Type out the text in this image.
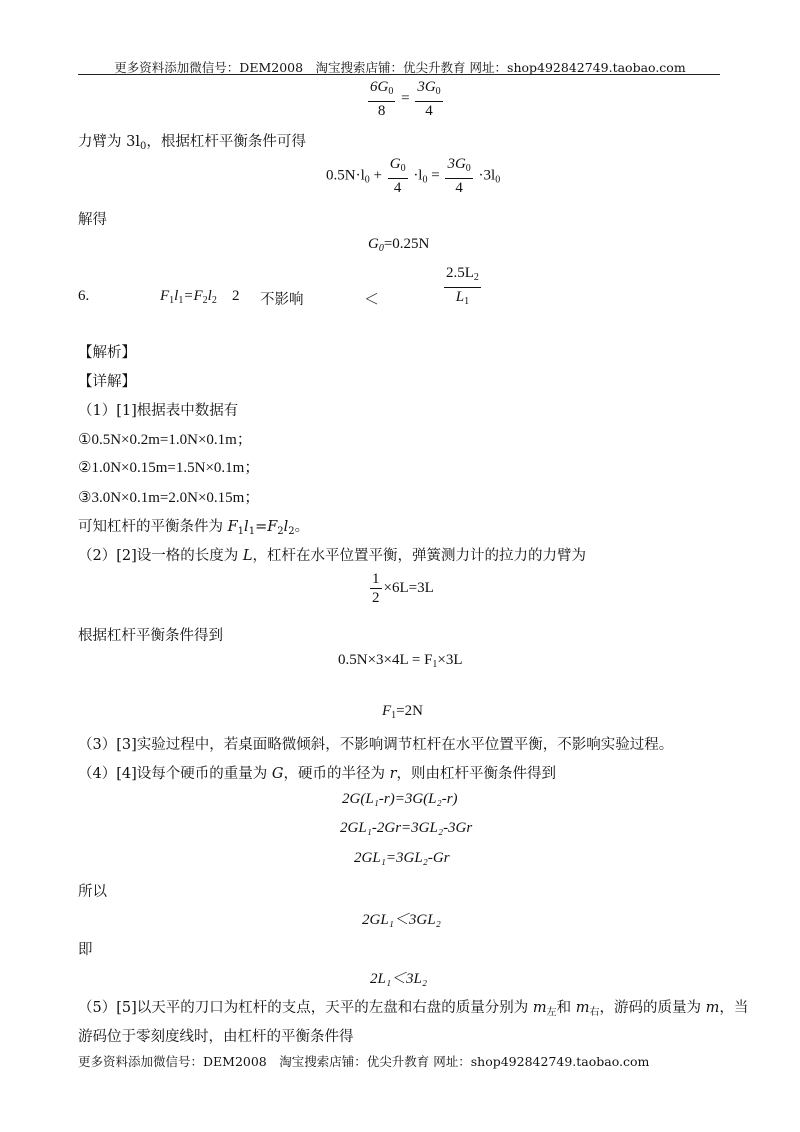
更多资料添加微信号：DEM2008　淘宝搜索店铺：优尖升教育 网址：shop492842749.taobao.com
$\frac{6G_0}{8} = \frac{3G_0}{4}$
力臂为 $3l_0$，根据杠杆平衡条件可得
$0.5N\cdot l_0 + \frac{G_0}{4} \cdot l_0 = \frac{3G_0}{4} \cdot 3l_0$
解得
$G_0=0.25N$
6.	$F_1l_1=F_2l_2$ 2 不影响	＜	$\frac{2.5L_2}{L_1}$
【解析】
【详解】
（1）[1]根据表中数据有
①0.5N×0.2m=1.0N×0.1m；
②1.0N×0.15m=1.5N×0.1m；
③3.0N×0.1m=2.0N×0.15m；
可知杠杆的平衡条件为 $F_1l_1=F_2l_2$。
（2）[2]设一格的长度为 L，杠杆在水平位置平衡，弹簧测力计的拉力的力臂为
$\frac{1}{2} \times 6L=3L$
根据杠杆平衡条件得到
$0.5N\times 3\times 4L = F_1\times 3L$
$F_1=2N$
（3）[3]实验过程中，若桌面略微倾斜，不影响调节杠杆在水平位置平衡，不影响实验过程。
（4）[4]设每个硬币的重量为 G，硬币的半径为 r，则由杠杆平衡条件得到
2G(L₁-r)=3G(L₂-r)
2GL₁-2Gr=3GL₂-3Gr
2GL₁=3GL₂-Gr
所以
2GL₁＜3GL₂
即
2L₁＜3L₂
（5）[5]以天平的刀口为杠杆的支点，天平的左盘和右盘的质量分别为 $m_左$和 $m_右$，游码的质量为 m，当
游码位于零刻度线时，由杠杆的平衡条件得
更多资料添加微信号：DEM2008　淘宝搜索店铺：优尖升教育 网址：shop492842749.taobao.com
